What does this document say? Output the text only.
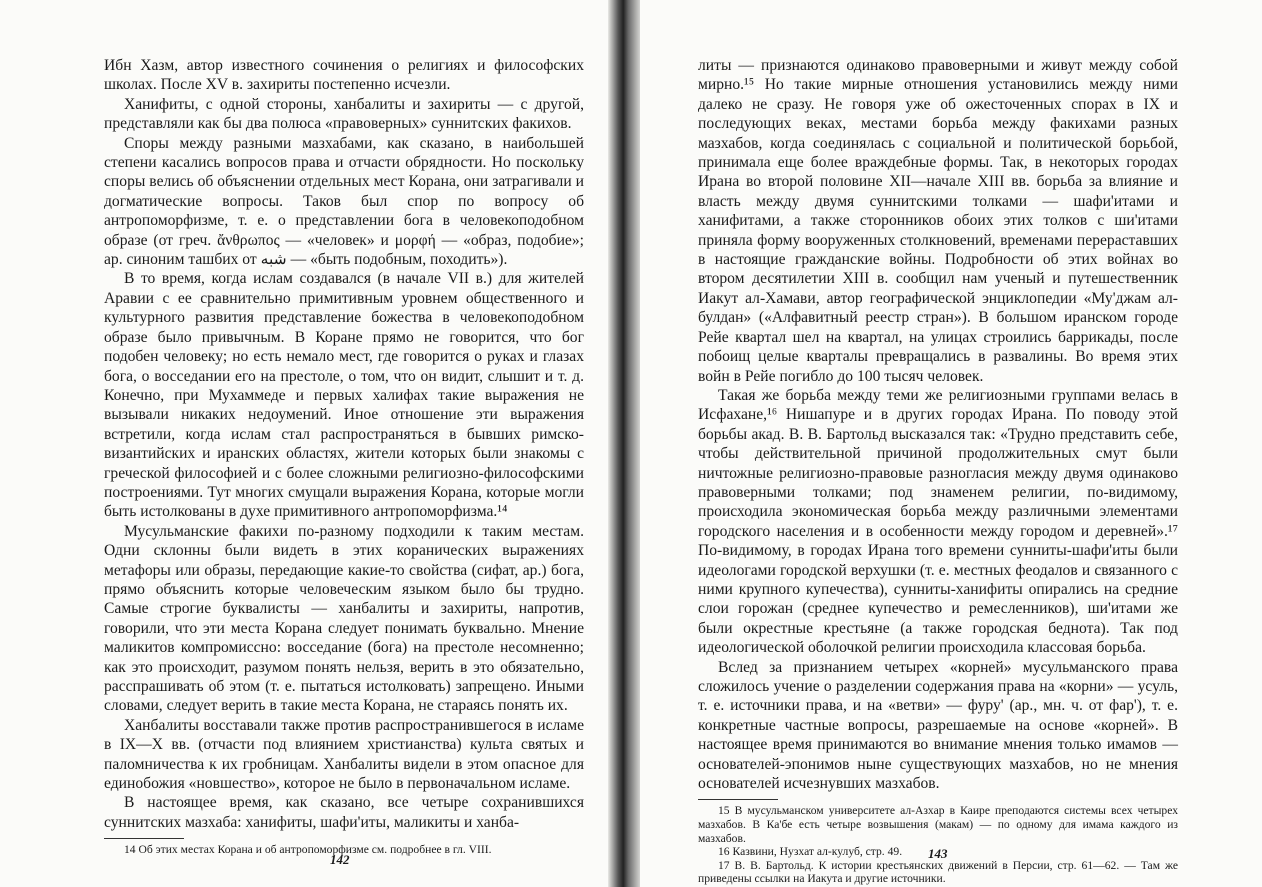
Ибн Хазм, автор известного сочинения о религиях и философских школах. После XV в. захириты постепенно исчезли.

Ханифиты, с одной стороны, ханбалиты и захириты — с другой, представляли как бы два полюса «правоверных» суннитских факихов.

Споры между разными мазхабами, как сказано, в наибольшей степени касались вопросов права и отчасти обрядности. Но поскольку споры велись об объяснении отдельных мест Корана, они затрагивали и догматические вопросы. Таков был спор по вопросу об антропоморфизме, т. е. о представлении бога в человекоподобном образе (от греч. ἄνθρωπος — «человек» и μορφή — «образ, подобие»; ар. синоним ташбих от شبه — «быть подобным, походить»).

В то время, когда ислам создавался (в начале VII в.) для жителей Аравии с ее сравнительно примитивным уровнем общественного и культурного развития представление божества в человекоподобном образе было привычным. В Коране прямо не говорится, что бог подобен человеку; но есть немало мест, где говорится о руках и глазах бога, о восседании его на престоле, о том, что он видит, слышит и т. д. Конечно, при Мухаммеде и первых халифах такие выражения не вызывали никаких недоумений. Иное отношение эти выражения встретили, когда ислам стал распространяться в бывших римско-византийских и иранских областях, жители которых были знакомы с греческой философией и с более сложными религиозно-философскими построениями. Тут многих смущали выражения Корана, которые могли быть истолкованы в духе примитивного антропоморфизма.¹⁴

Мусульманские факихи по-разному подходили к таким местам. Одни склонны были видеть в этих коранических выражениях метафоры или образы, передающие какие-то свойства (сифат, ар.) бога, прямо объяснить которые человеческим языком было бы трудно. Самые строгие буквалисты — ханбалиты и захириты, напротив, говорили, что эти места Корана следует понимать буквально. Мнение маликитов компромиссно: восседание (бога) на престоле несомненно; как это происходит, разумом понять нельзя, верить в это обязательно, расспрашивать об этом (т. е. пытаться истолковать) запрещено. Иными словами, следует верить в такие места Корана, не стараясь понять их.

Ханбалиты восставали также против распространившегося в исламе в IX—X вв. (отчасти под влиянием христианства) культа святых и паломничества к их гробницам. Ханбалиты видели в этом опасное для единобожия «новшество», которое не было в первоначальном исламе.

В настоящее время, как сказано, все четыре сохранившихся суннитских мазхаба: ханифиты, шафи'иты, маликиты и ханба-

14 Об этих местах Корана и об антропоморфизме см. подробнее в гл. VIII.

142

литы — признаются одинаково правоверными и живут между собой мирно.¹⁵ Но такие мирные отношения установились между ними далеко не сразу. Не говоря уже об ожесточенных спорах в IX и последующих веках, местами борьба между факихами разных мазхабов, когда соединялась с социальной и политической борьбой, принимала еще более враждебные формы. Так, в некоторых городах Ирана во второй половине XII—начале XIII вв. борьба за влияние и власть между двумя суннитскими толками — шафи'итами и ханифитами, а также сторонников обоих этих толков с ши'итами приняла форму вооруженных столкновений, временами перераставших в настоящие гражданские войны. Подробности об этих войнах во втором десятилетии XIII в. сообщил нам ученый и путешественник Иакут ал-Хамави, автор географической энциклопедии «Му'джам ал-булдан» («Алфавитный реестр стран»). В большом иранском городе Рейе квартал шел на квартал, на улицах строились баррикады, после побоищ целые кварталы превращались в развалины. Во время этих войн в Рейе погибло до 100 тысяч человек.

Такая же борьба между теми же религиозными группами велась в Исфахане,¹⁶ Нишапуре и в других городах Ирана. По поводу этой борьбы акад. В. В. Бартольд высказался так: «Трудно представить себе, чтобы действительной причиной продолжительных смут были ничтожные религиозно-правовые разногласия между двумя одинаково правоверными толками; под знаменем религии, по-видимому, происходила экономическая борьба между различными элементами городского населения и в особенности между городом и деревней».¹⁷ По-видимому, в городах Ирана того времени сунниты-шафи'иты были идеологами городской верхушки (т. е. местных феодалов и связанного с ними крупного купечества), сунниты-ханифиты опирались на средние слои горожан (среднее купечество и ремесленников), ши'итами же были окрестные крестьяне (а также городская беднота). Так под идеологической оболочкой религии происходила классовая борьба.

Вслед за признанием четырех «корней» мусульманского права сложилось учение о разделении содержания права на «корни» — усуль, т. е. источники права, и на «ветви» — фуру' (ар., мн. ч. от фар'), т. е. конкретные частные вопросы, разрешаемые на основе «корней». В настоящее время принимаются во внимание мнения только имамов — основателей-эпонимов ныне существующих мазхабов, но не мнения основателей исчезнувших мазхабов.

15 В мусульманском университете ал-Азхар в Каире преподаются системы всех четырех мазхабов. В Ка'бе есть четыре возвышения (макам) — по одному для имама каждого из мазхабов.

16 Казвини, Нузхат ал-кулуб, стр. 49.

17 В. В. Бартольд. К истории крестьянских движений в Персии, стр. 61—62. — Там же приведены ссылки на Иакута и другие источники.

143
